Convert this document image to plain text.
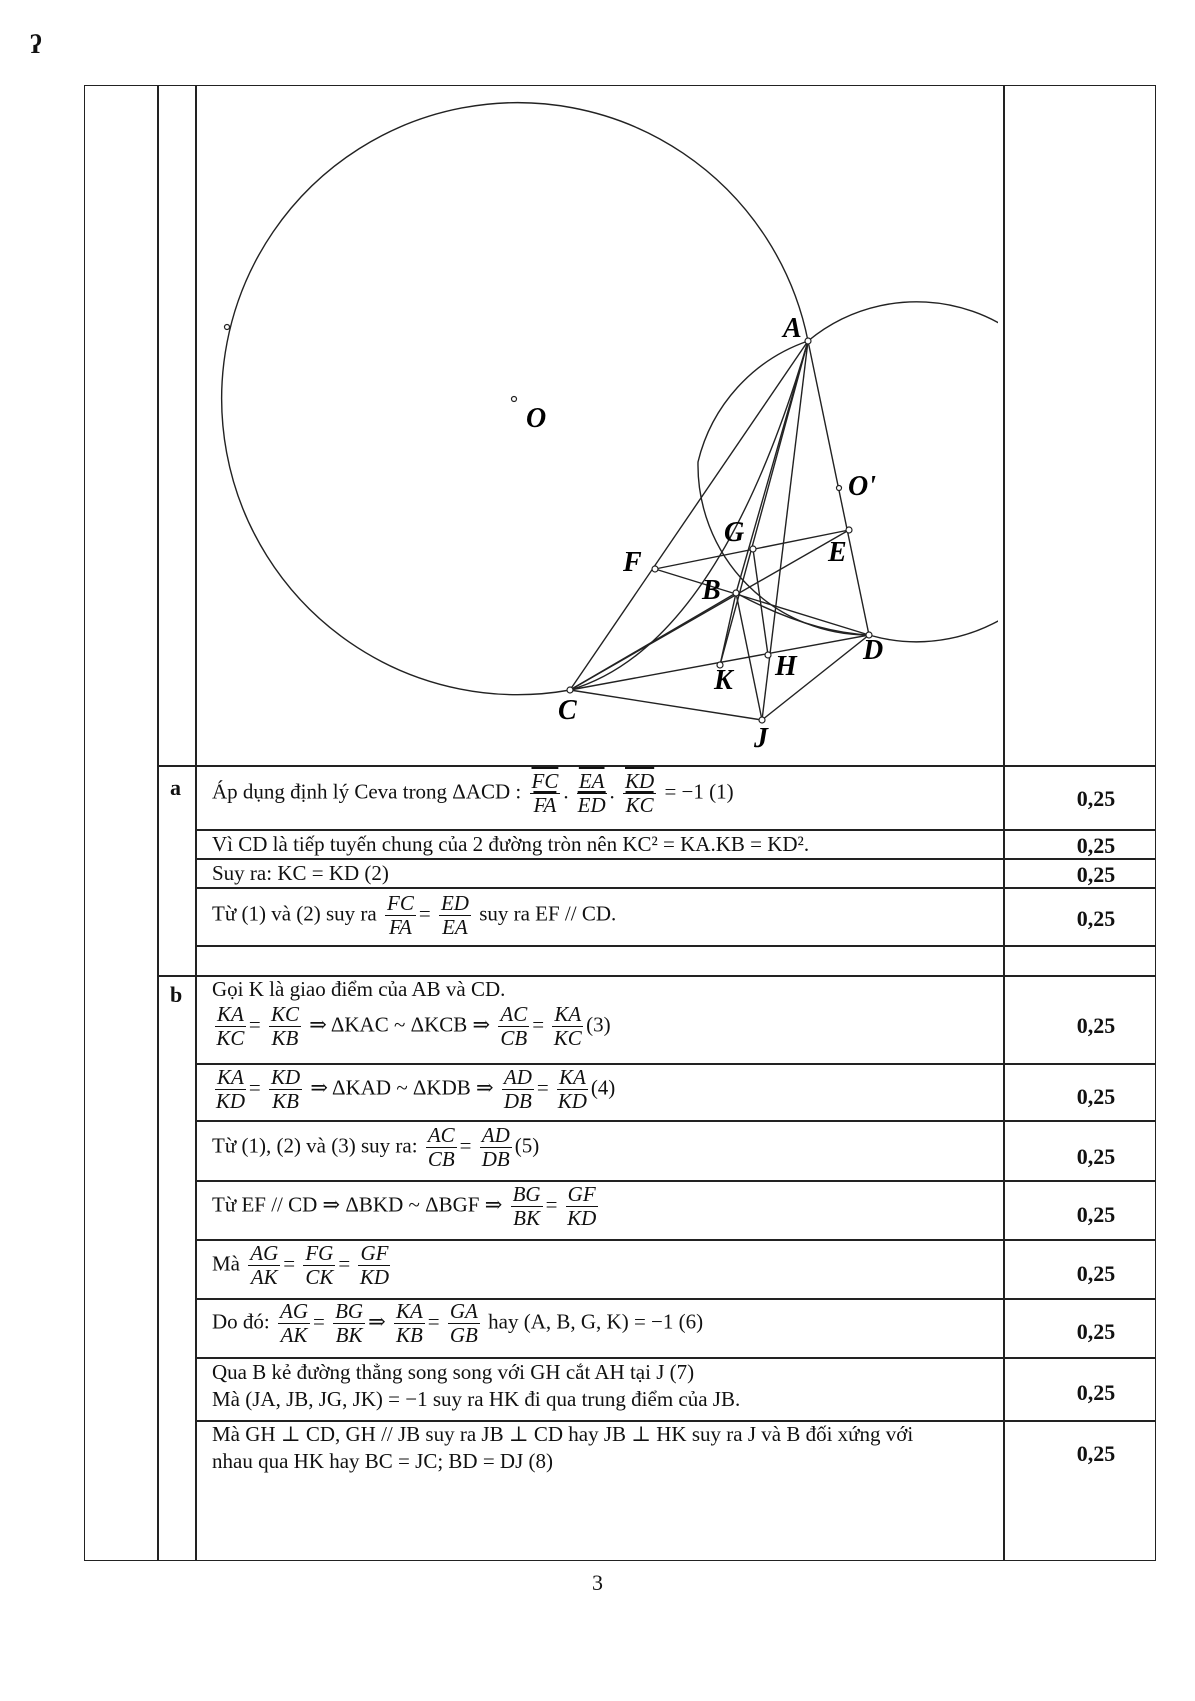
ʔ
A
O
O'
G
E
F
B
D
H
K
C
J
a Áp dụng định lý Ceva trong ΔACD : $\frac{\overline{FC}}{FA}$ . $\frac{\overline{EA}}{ED}$ . $\frac{\overline{KD}}{KC} = -1$ (1)	0,25
Vì CD là tiếp tuyến chung của 2 đường tròn nên KC² = KA.KB = KD².	0,25
Suy ra: KC = KD (2)	0,25
Từ (1) và (2) suy ra $\frac{FC}{FA} = \frac{ED}{EA}$ suy ra EF // CD.	0,25
b Gọi K là giao điểm của AB và CD.
$\frac{KA}{KC} = \frac{KC}{KB}$ ⇒ ΔKAC ~ ΔKCB ⇒ $\frac{AC}{CB} = \frac{KA}{KC} (3)$	0,25
$\frac{KA}{KD} = \frac{KD}{KB}$ ⇒ ΔKAD ~ ΔKDB ⇒ $\frac{AD}{DB} = \frac{KA}{KD} (4)$	0,25
Từ (1), (2) và (3) suy ra: $\frac{AC}{CB} = \frac{AD}{DB} (5)$	0,25
Từ EF // CD ⇒ ΔBKD ~ ΔBGF ⇒ $\frac{BG}{BK} = \frac{GF}{KD}$	0,25
Mà $\frac{AG}{AK} = \frac{FG}{CK} = \frac{GF}{KD}$	0,25
Do đó: $\frac{AG}{AK} = \frac{BG}{BK}$ ⇒ $\frac{KA}{KB} = \frac{GA}{GB}$ hay (A, B, G, K) = −1 (6)	0,25
Qua B kẻ đường thẳng song song với GH cắt AH tại J (7)
Mà (JA, JB, JG, JK) = −1 suy ra HK đi qua trung điểm của JB.	0,25
Mà GH ⊥ CD, GH // JB suy ra JB ⊥ CD hay JB ⊥ HK suy ra J và B đối xứng với
nhau qua HK hay BC = JC; BD = DJ (8)	0,25
3
